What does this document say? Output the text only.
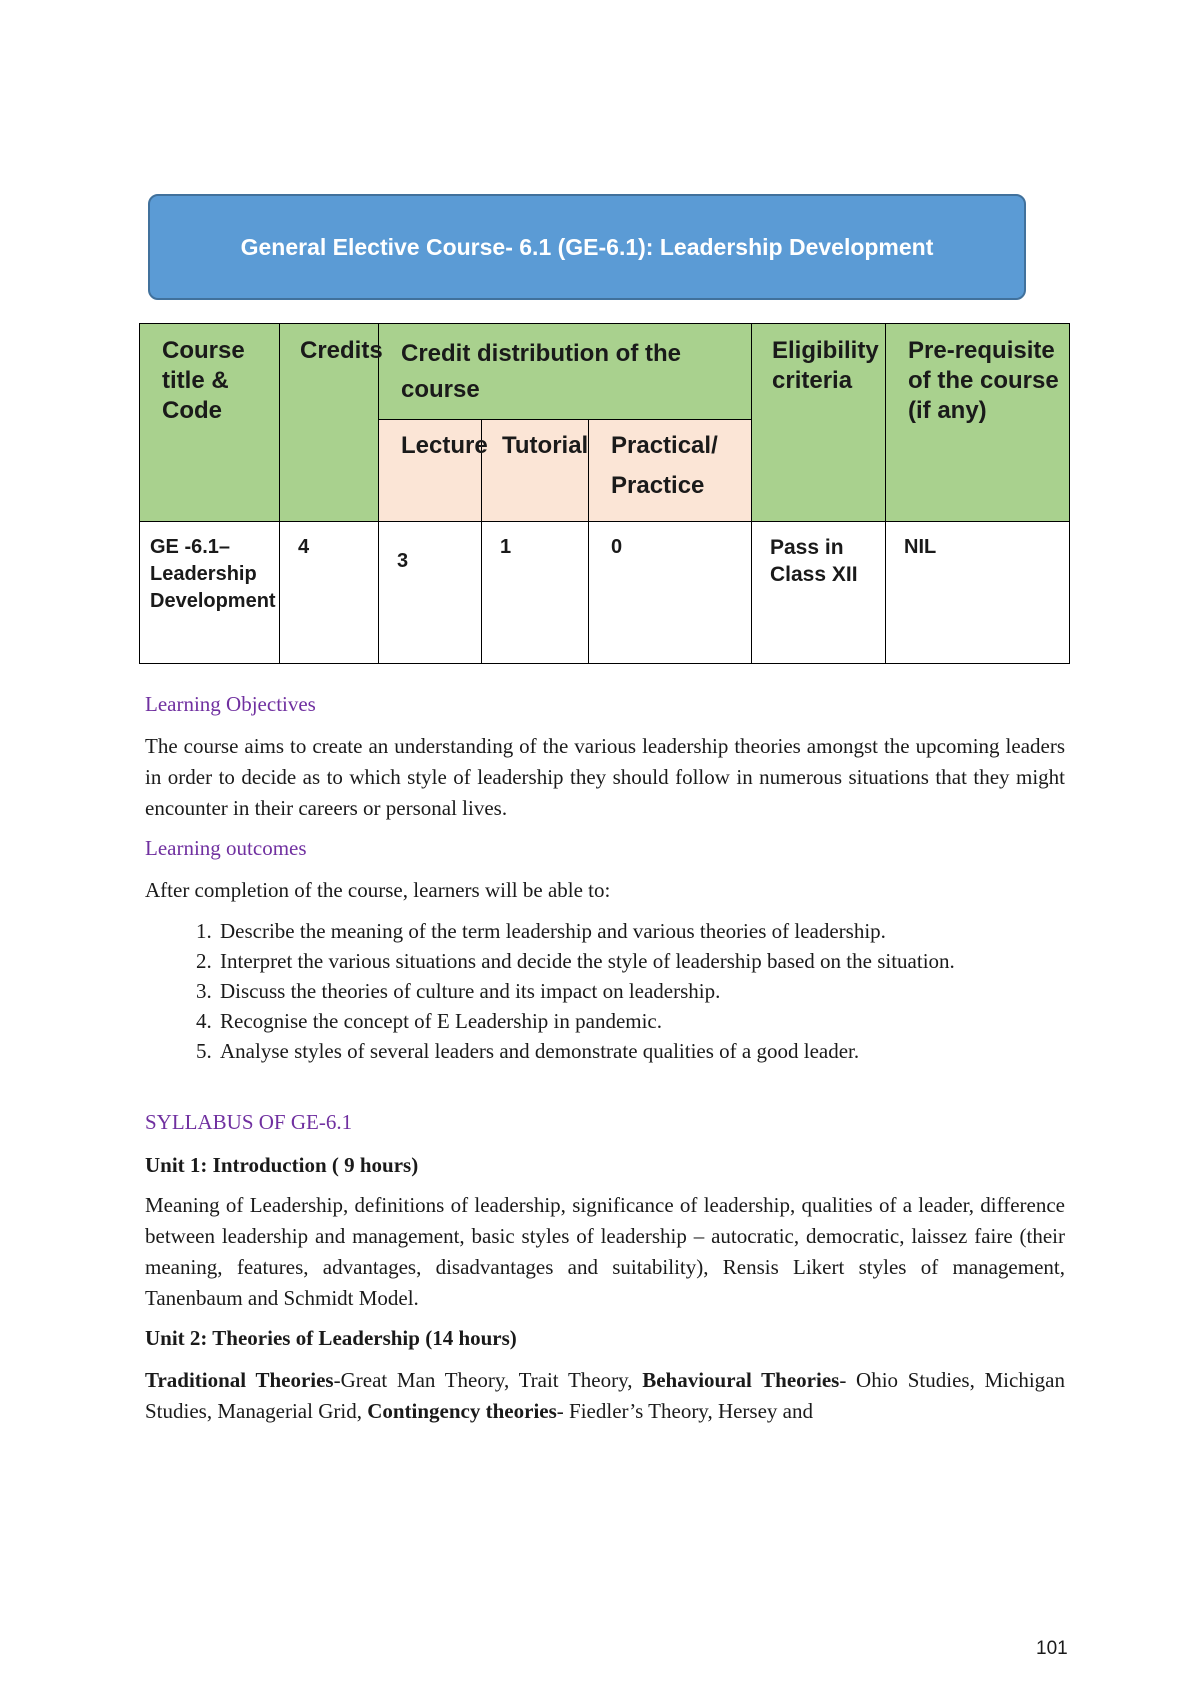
General Elective Course- 6.1 (GE-6.1): Leadership Development
Course title & Code	Credits	Credit distribution of the course			Eligibility criteria	Pre-requisite of the course (if any)
		Lecture	Tutorial	Practical/ Practice		
GE -6.1– Leadership Development	4	3	1	0	Pass in Class XII	NIL

Learning Objectives

The course aims to create an understanding of the various leadership theories amongst the upcoming leaders in order to decide as to which style of leadership they should follow in numerous situations that they might encounter in their careers or personal lives.

Learning outcomes

After completion of the course, learners will be able to:

1. Describe the meaning of the term leadership and various theories of leadership.
2. Interpret the various situations and decide the style of leadership based on the situation.
3. Discuss the theories of culture and its impact on leadership.
4. Recognise the concept of E Leadership in pandemic.
5. Analyse styles of several leaders and demonstrate qualities of a good leader.

SYLLABUS OF GE-6.1

Unit 1: Introduction ( 9 hours)

Meaning of Leadership, definitions of leadership, significance of leadership, qualities of a leader, difference between leadership and management, basic styles of leadership – autocratic, democratic, laissez faire (their meaning, features, advantages, disadvantages and suitability), Rensis Likert styles of management, Tanenbaum and Schmidt Model.

Unit 2: Theories of Leadership (14 hours)

Traditional Theories-Great Man Theory, Trait Theory, Behavioural Theories- Ohio Studies, Michigan Studies, Managerial Grid, Contingency theories- Fiedler’s Theory, Hersey and

101
